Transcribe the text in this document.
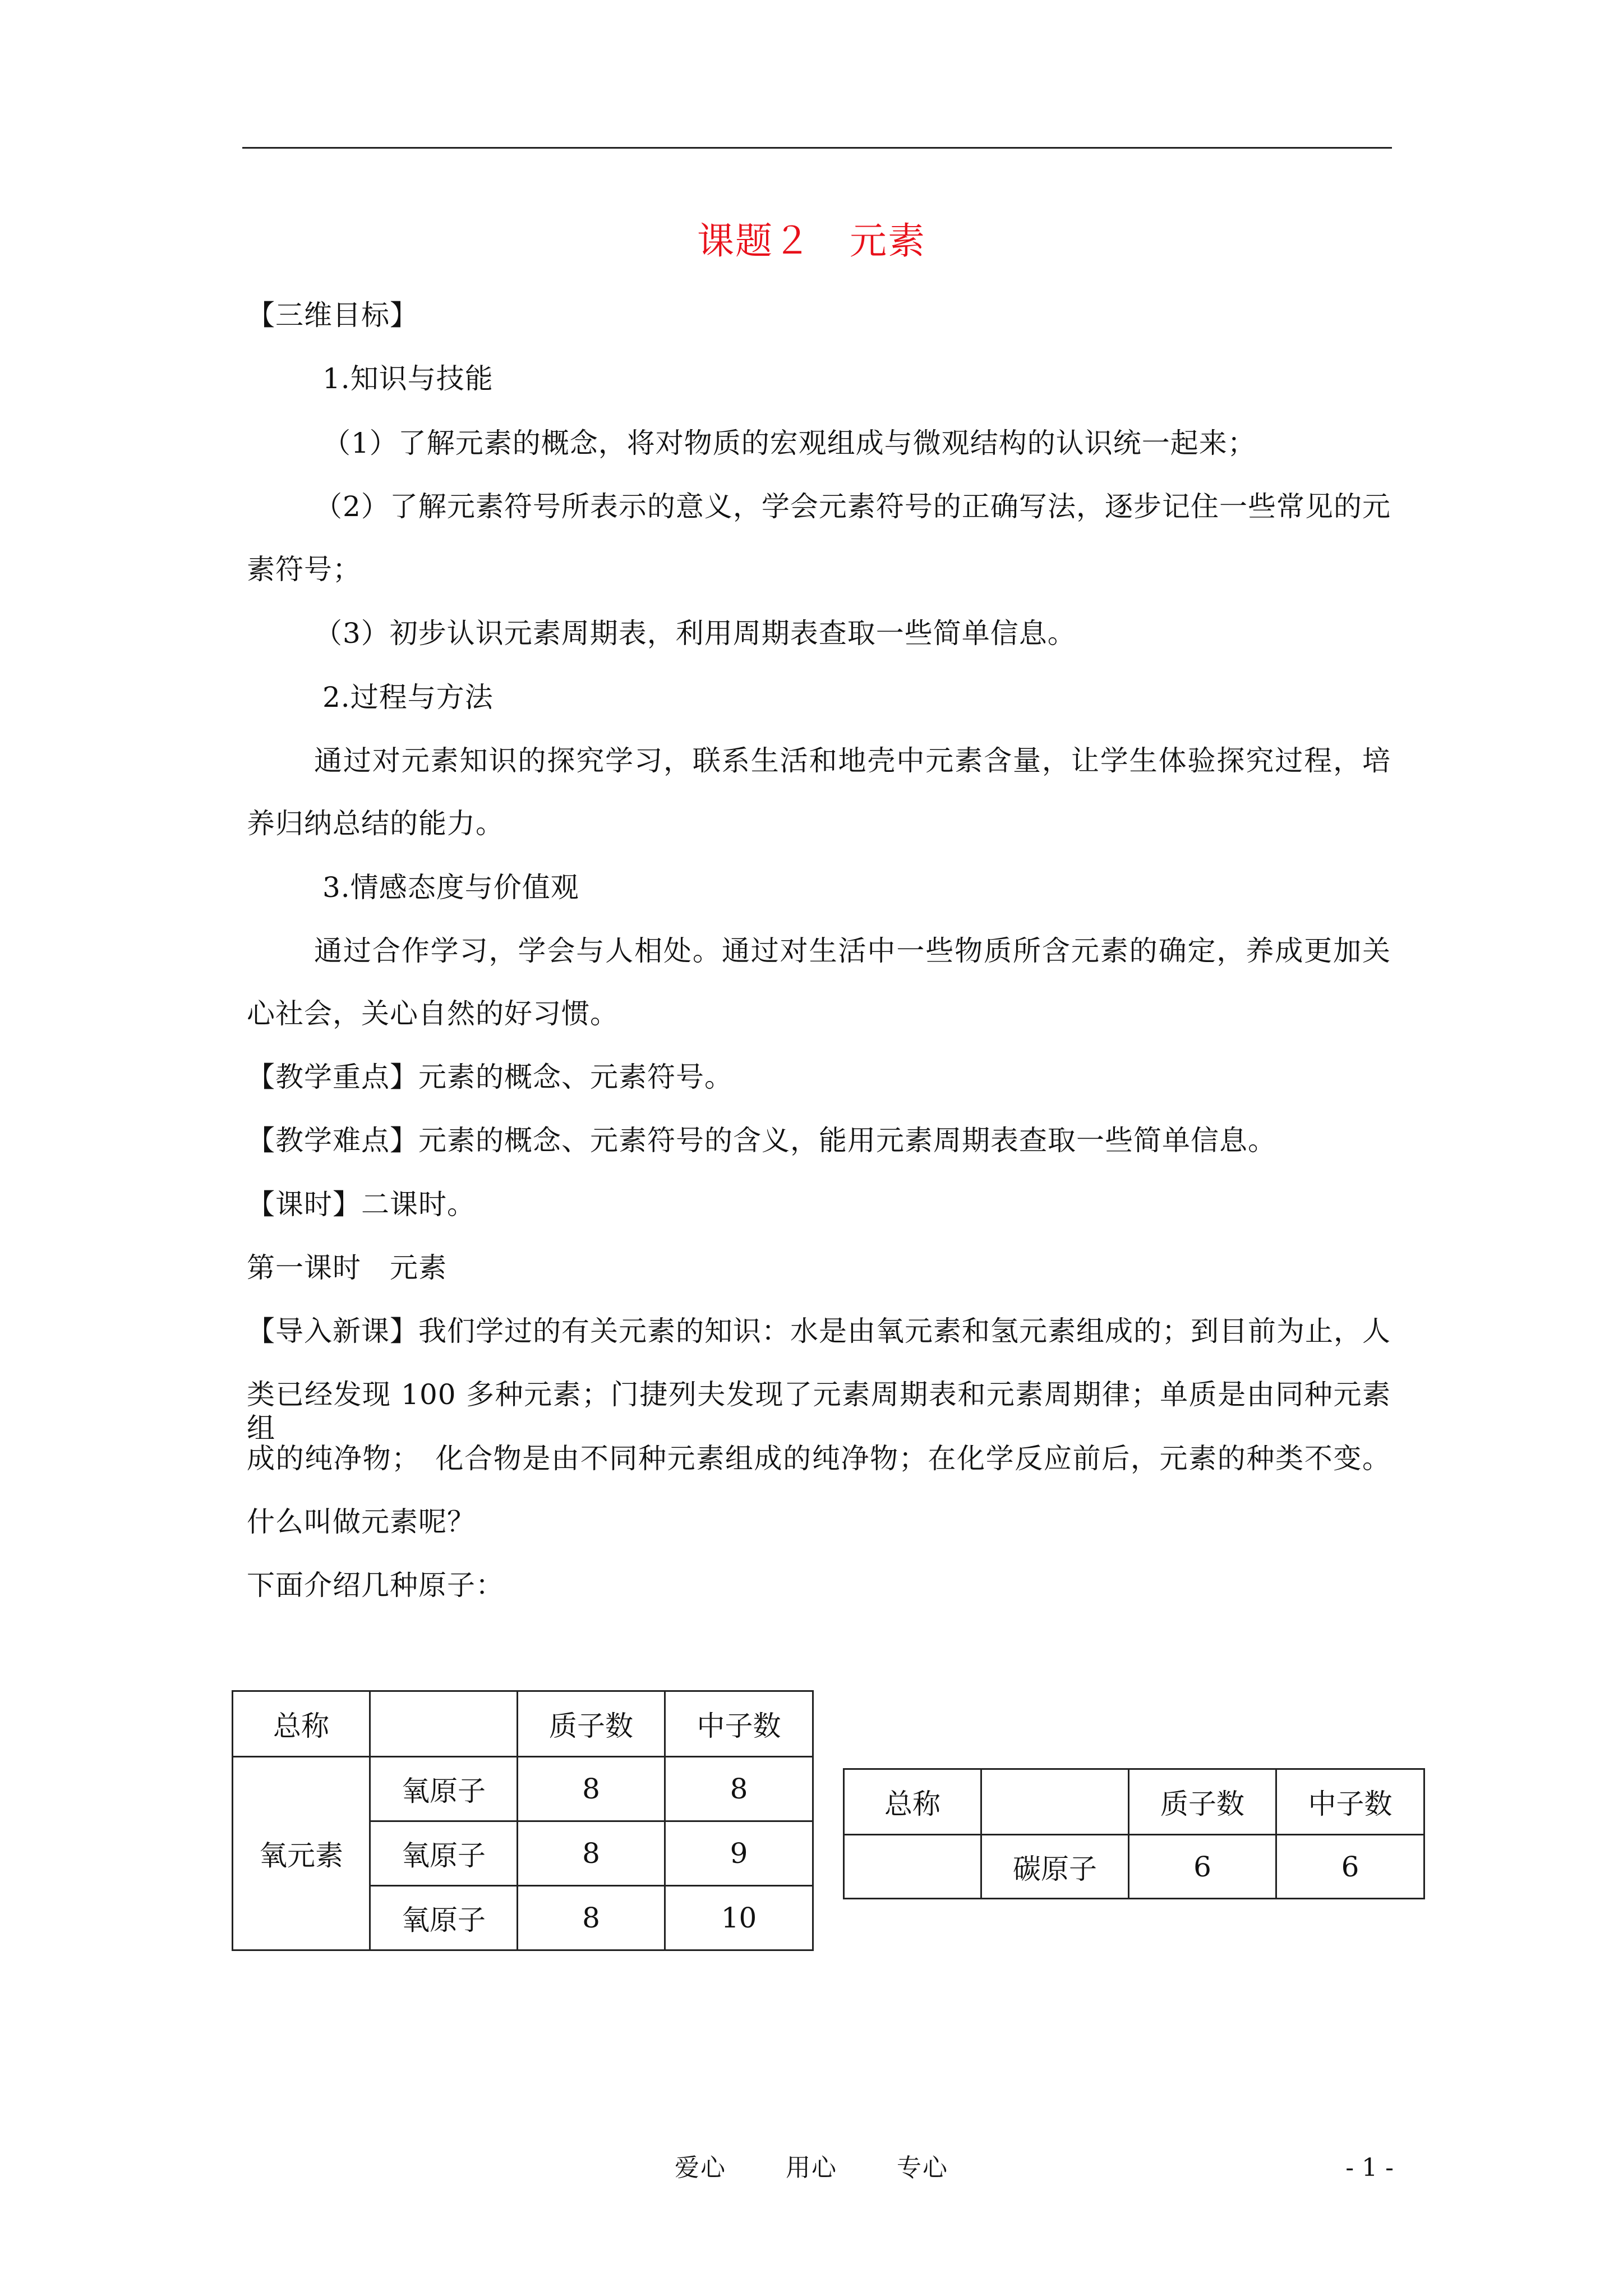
课题２　元素
【三维目标】
1.知识与技能
（1）了解元素的概念，将对物质的宏观组成与微观结构的认识统一起来；
（2）了解元素符号所表示的意义，学会元素符号的正确写法，逐步记住一些常见的元
素符号；
（3）初步认识元素周期表，利用周期表查取一些简单信息。
2.过程与方法
通过对元素知识的探究学习，联系生活和地壳中元素含量，让学生体验探究过程，培
养归纳总结的能力。
3.情感态度与价值观
通过合作学习，学会与人相处。通过对生活中一些物质所含元素的确定，养成更加关
心社会，关心自然的好习惯。
【教学重点】元素的概念、元素符号。
【教学难点】元素的概念、元素符号的含义，能用元素周期表查取一些简单信息。
【课时】二课时。
第一课时　元素
【导入新课】我们学过的有关元素的知识：水是由氧元素和氢元素组成的；到目前为止，人
类已经发现 100 多种元素；门捷列夫发现了元素周期表和元素周期律；单质是由同种元素组
成的纯净物；　化合物是由不同种元素组成的纯净物；在化学反应前后，元素的种类不变。
什么叫做元素呢？
下面介绍几种原子：
总称		质子数	中子数
氧元素	氧原子	8	8
	氧原子	8	9
	氧原子	8	10
总称		质子数	中子数
	碳原子	6	6
爱心 用心 专心	- 1 -
